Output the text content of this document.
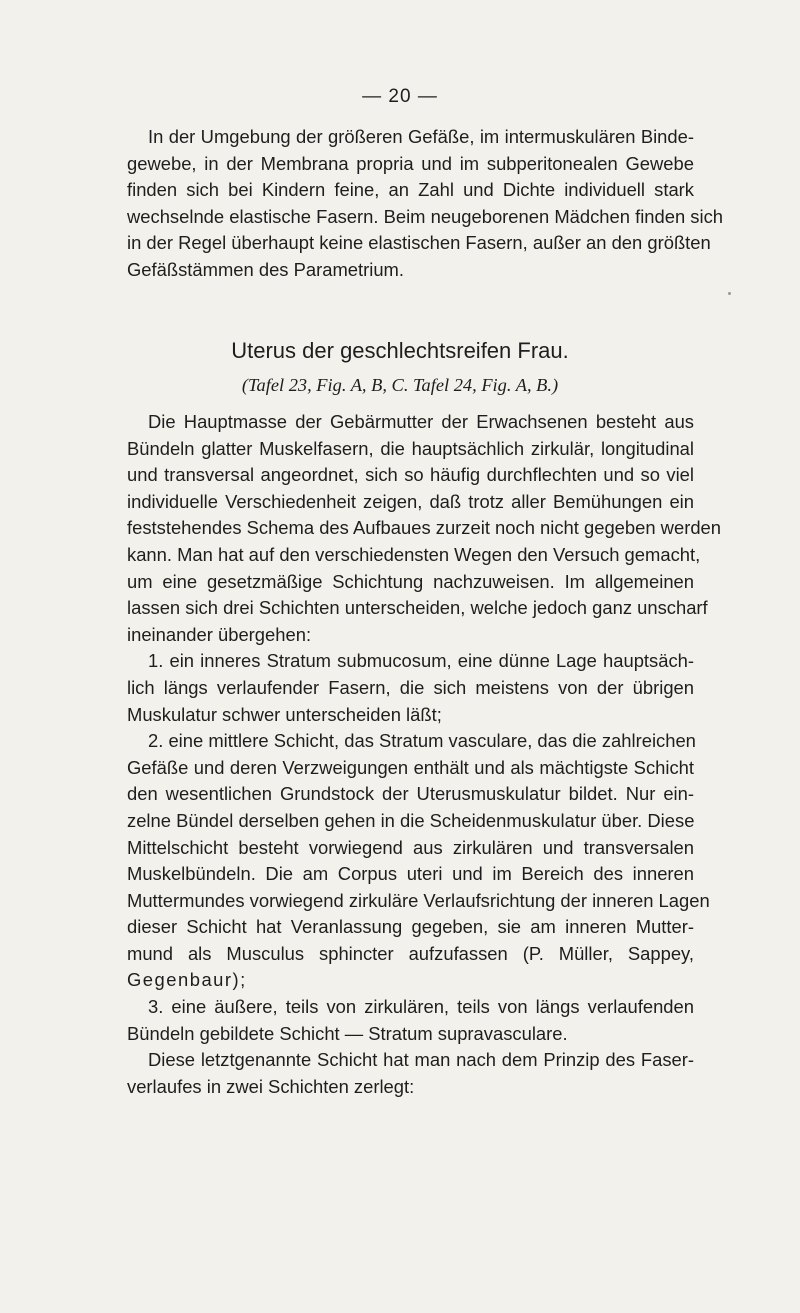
— 20 —
In der Umgebung der größeren Gefäße, im intermuskulären Binde-
gewebe, in der Membrana propria und im subperitonealen Gewebe
finden sich bei Kindern feine, an Zahl und Dichte individuell stark
wechselnde elastische Fasern. Beim neugeborenen Mädchen finden sich
in der Regel überhaupt keine elastischen Fasern, außer an den größten
Gefäßstämmen des Parametrium.
Uterus der geschlechtsreifen Frau.
(Tafel 23, Fig. A, B, C. Tafel 24, Fig. A, B.)
Die Hauptmasse der Gebärmutter der Erwachsenen besteht aus
Bündeln glatter Muskelfasern, die hauptsächlich zirkulär, longitudinal
und transversal angeordnet, sich so häufig durchflechten und so viel
individuelle Verschiedenheit zeigen, daß trotz aller Bemühungen ein
feststehendes Schema des Aufbaues zurzeit noch nicht gegeben werden
kann. Man hat auf den verschiedensten Wegen den Versuch gemacht,
um eine gesetzmäßige Schichtung nachzuweisen. Im allgemeinen
lassen sich drei Schichten unterscheiden, welche jedoch ganz unscharf
ineinander übergehen:
1. ein inneres Stratum submucosum, eine dünne Lage hauptsäch-
lich längs verlaufender Fasern, die sich meistens von der übrigen
Muskulatur schwer unterscheiden läßt;
2. eine mittlere Schicht, das Stratum vasculare, das die zahlreichen
Gefäße und deren Verzweigungen enthält und als mächtigste Schicht
den wesentlichen Grundstock der Uterusmuskulatur bildet. Nur ein-
zelne Bündel derselben gehen in die Scheidenmuskulatur über. Diese
Mittelschicht besteht vorwiegend aus zirkulären und transversalen
Muskelbündeln. Die am Corpus uteri und im Bereich des inneren
Muttermundes vorwiegend zirkuläre Verlaufsrichtung der inneren Lagen
dieser Schicht hat Veranlassung gegeben, sie am inneren Mutter-
mund als Musculus sphincter aufzufassen (P. Müller, Sappey,
Gegenbaur);
3. eine äußere, teils von zirkulären, teils von längs verlaufenden
Bündeln gebildete Schicht — Stratum supravasculare.
Diese letztgenannte Schicht hat man nach dem Prinzip des Faser-
verlaufes in zwei Schichten zerlegt:
